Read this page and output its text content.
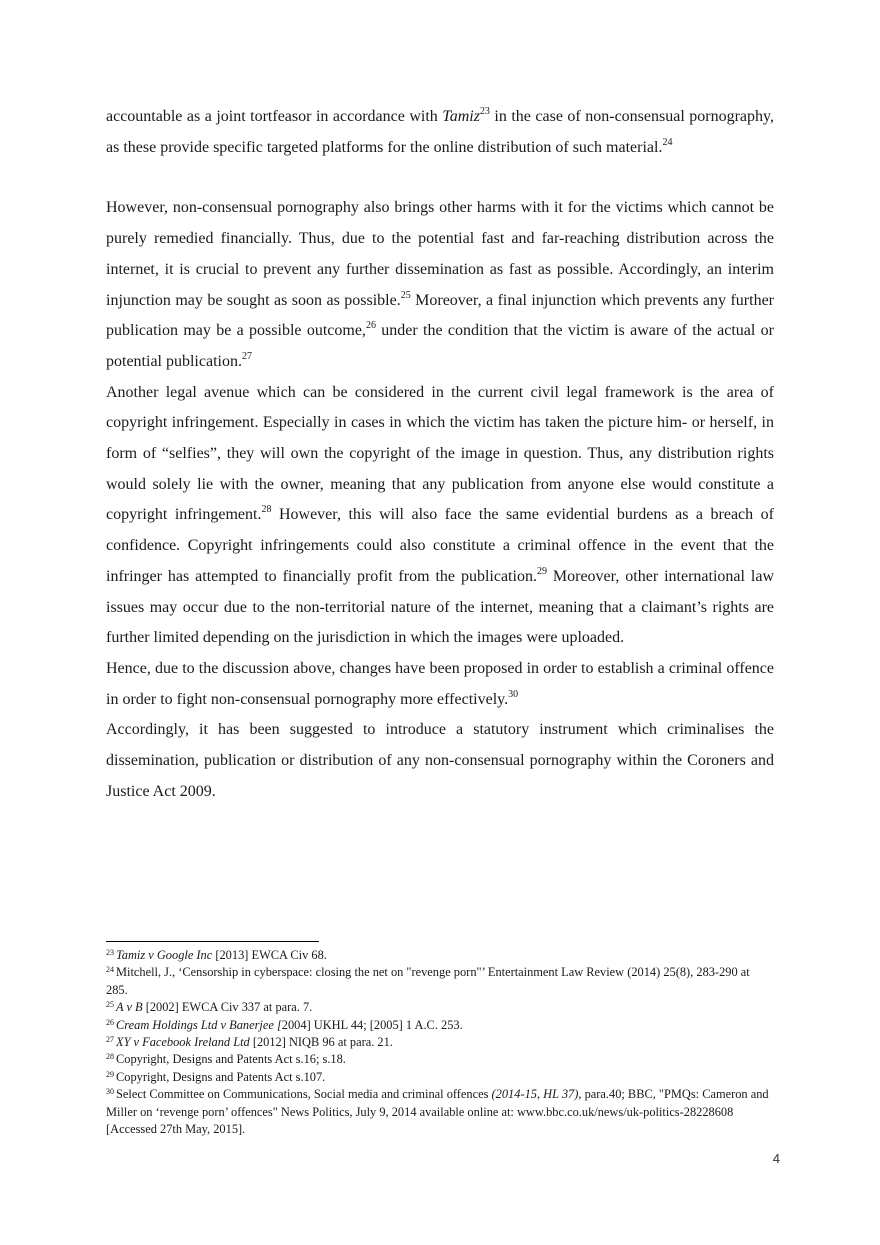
accountable as a joint tortfeasor in accordance with Tamiz$^{23}$ in the case of non-consensual pornography, as these provide specific targeted platforms for the online distribution of such material.$^{24}$

However, non-consensual pornography also brings other harms with it for the victims which cannot be purely remedied financially. Thus, due to the potential fast and far-reaching distribution across the internet, it is crucial to prevent any further dissemination as fast as possible. Accordingly, an interim injunction may be sought as soon as possible.$^{25}$ Moreover, a final injunction which prevents any further publication may be a possible outcome,$^{26}$ under the condition that the victim is aware of the actual or potential publication.$^{27}$

Another legal avenue which can be considered in the current civil legal framework is the area of copyright infringement. Especially in cases in which the victim has taken the picture him- or herself, in form of “selfies”, they will own the copyright of the image in question. Thus, any distribution rights would solely lie with the owner, meaning that any publication from anyone else would constitute a copyright infringement.$^{28}$ However, this will also face the same evidential burdens as a breach of confidence. Copyright infringements could also constitute a criminal offence in the event that the infringer has attempted to financially profit from the publication.$^{29}$ Moreover, other international law issues may occur due to the non-territorial nature of the internet, meaning that a claimant’s rights are further limited depending on the jurisdiction in which the images were uploaded.

Hence, due to the discussion above, changes have been proposed in order to establish a criminal offence in order to fight non-consensual pornography more effectively.$^{30}$

Accordingly, it has been suggested to introduce a statutory instrument which criminalises the dissemination, publication or distribution of any non-consensual pornography within the Coroners and Justice Act 2009.

$^{23}$ Tamiz v Google Inc [2013] EWCA Civ 68.

$^{24}$ Mitchell, J., ‘Censorship in cyberspace: closing the net on "revenge porn"’ Entertainment Law Review (2014) 25(8), 283-290 at 285.

$^{25}$ A v B [2002] EWCA Civ 337 at para. 7.

$^{26}$ Cream Holdings Ltd v Banerjee [2004] UKHL 44; [2005] 1 A.C. 253.

$^{27}$ XY v Facebook Ireland Ltd [2012] NIQB 96 at para. 21.

$^{28}$ Copyright, Designs and Patents Act s.16; s.18.

$^{29}$ Copyright, Designs and Patents Act s.107.

$^{30}$ Select Committee on Communications, Social media and criminal offences (2014-15, HL 37), para.40; BBC, "PMQs: Cameron and Miller on ‘revenge porn’ offences" News Politics, July 9, 2014 available online at: www.bbc.co.uk/news/uk-politics-28228608 [Accessed 27th May, 2015].

4
